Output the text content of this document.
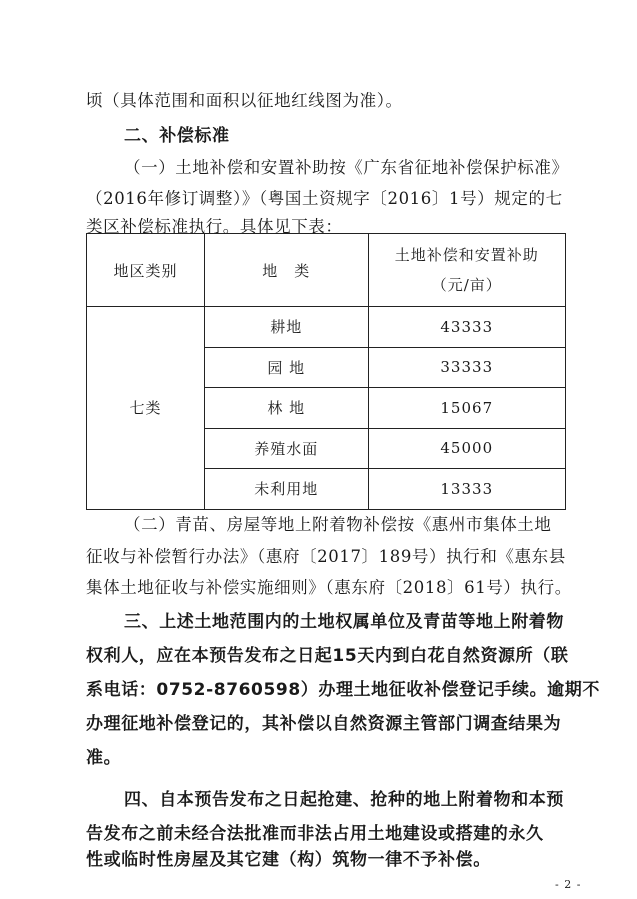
顷（具体范围和面积以征地红线图为准）。
二、补偿标准
（一）土地补偿和安置补助按《广东省征地补偿保护标准》
（2016年修订调整）》（粤国土资规字〔2016〕1号）规定的七
类区补偿标准执行。具体见下表：
地区类别	地　类	土地补偿和安置补助
（元/亩）

七类	耕地	43333
	园 地	33333
	林 地	15067
	养殖水面	45000
	未利用地	13333
（二）青苗、房屋等地上附着物补偿按《惠州市集体土地
征收与补偿暂行办法》（惠府〔2017〕189号）执行和《惠东县
集体土地征收与补偿实施细则》（惠东府〔2018〕61号）执行。
三、上述土地范围内的土地权属单位及青苗等地上附着物
权利人，应在本预告发布之日起15天内到白花自然资源所（联
系电话：0752-8760598）办理土地征收补偿登记手续。逾期不
办理征地补偿登记的，其补偿以自然资源主管部门调查结果为
准。
四、自本预告发布之日起抢建、抢种的地上附着物和本预
告发布之前未经合法批准而非法占用土地建设或搭建的永久
性或临时性房屋及其它建（构）筑物一律不予补偿。
- 2 -
